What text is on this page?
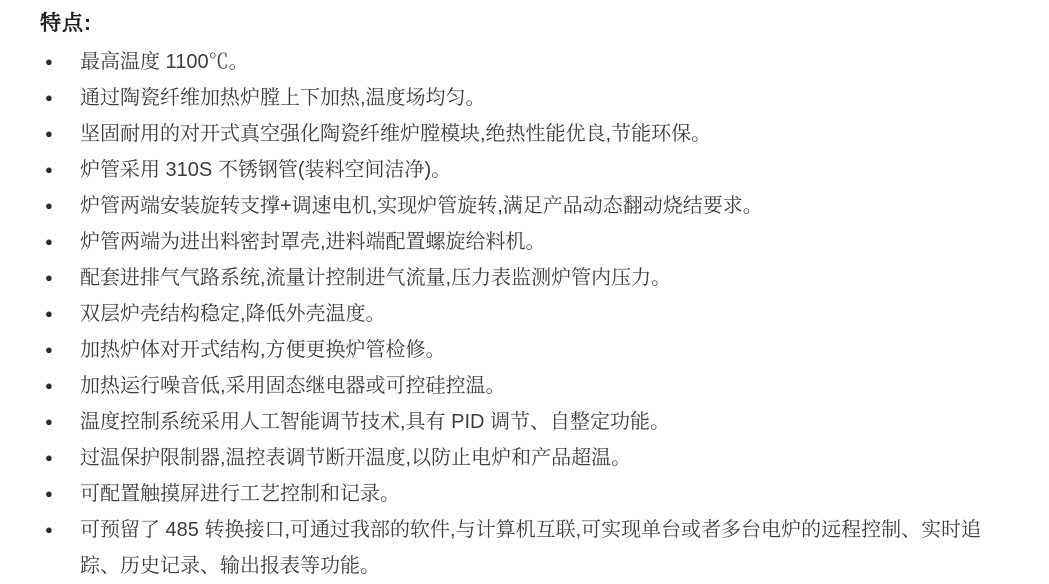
特点:
●	最高温度 1100℃。
●	通过陶瓷纤维加热炉膛上下加热,温度场均匀。
●	坚固耐用的对开式真空强化陶瓷纤维炉膛模块,绝热性能优良,节能环保。
●	炉管采用 310S 不锈钢管(装料空间洁净)。
●	炉管两端安装旋转支撑+调速电机,实现炉管旋转,满足产品动态翻动烧结要求。
●	炉管两端为进出料密封罩壳,进料端配置螺旋给料机。
●	配套进排气气路系统,流量计控制进气流量,压力表监测炉管内压力。
●	双层炉壳结构稳定,降低外壳温度。
●	加热炉体对开式结构,方便更换炉管检修。
●	加热运行噪音低,采用固态继电器或可控硅控温。
●	温度控制系统采用人工智能调节技术,具有 PID 调节、自整定功能。
●	过温保护限制器,温控表调节断开温度,以防止电炉和产品超温。
●	可配置触摸屏进行工艺控制和记录。
●	可预留了 485 转换接口,可通过我部的软件,与计算机互联,可实现单台或者多台电炉的远程控制、实时追踪、历史记录、输出报表等功能。
